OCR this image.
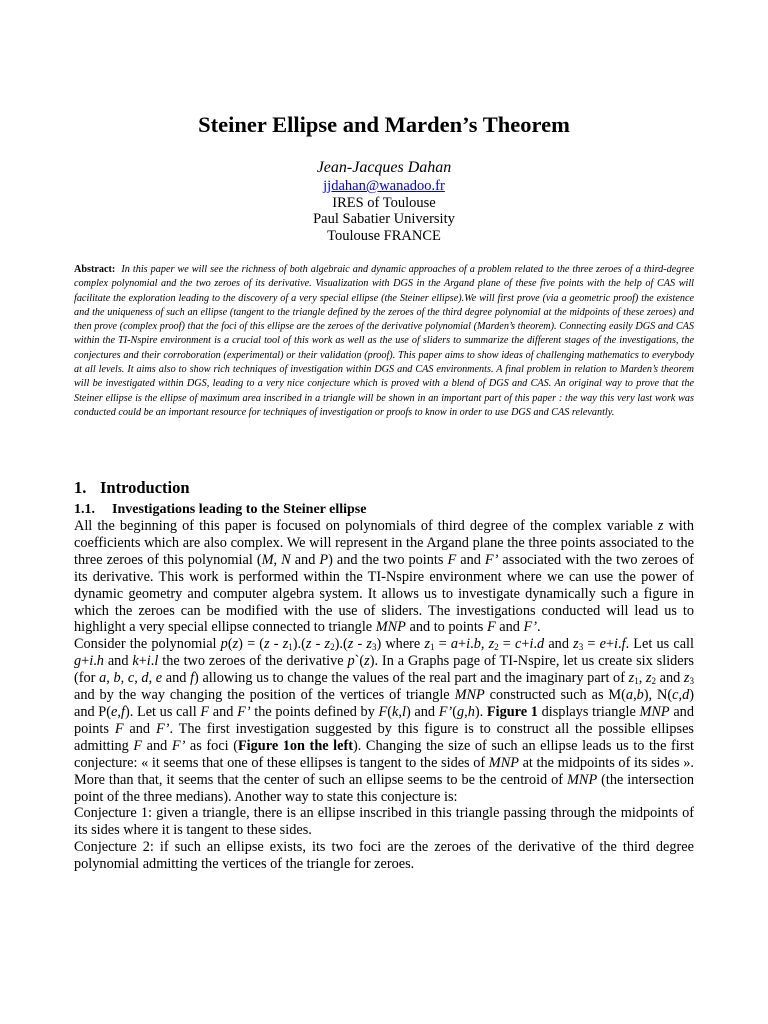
Steiner Ellipse and Marden’s Theorem
Jean-Jacques Dahan
jjdahan@wanadoo.fr
IRES of Toulouse
Paul Sabatier University
Toulouse FRANCE
Abstract: In this paper we will see the richness of both algebraic and dynamic approaches of a problem related to the three zeroes of a third-degree complex polynomial and the two zeroes of its derivative. Visualization with DGS in the Argand plane of these five points with the help of CAS will facilitate the exploration leading to the discovery of a very special ellipse (the Steiner ellipse).We will first prove (via a geometric proof) the existence and the uniqueness of such an ellipse (tangent to the triangle defined by the zeroes of the third degree polynomial at the midpoints of these zeroes) and then prove (complex proof) that the foci of this ellipse are the zeroes of the derivative polynomial (Marden’s theorem). Connecting easily DGS and CAS within the TI-Nspire environment is a crucial tool of this work as well as the use of sliders to summarize the different stages of the investigations, the conjectures and their corroboration (experimental) or their validation (proof). This paper aims to show ideas of challenging mathematics to everybody at all levels. It aims also to show rich techniques of investigation within DGS and CAS environments. A final problem in relation to Marden’s theorem will be investigated within DGS, leading to a very nice conjecture which is proved with a blend of DGS and CAS. An original way to prove that the Steiner ellipse is the ellipse of maximum area inscribed in a triangle will be shown in an important part of this paper : the way this very last work was conducted could be an important resource for techniques of investigation or proofs to know in order to use DGS and CAS relevantly.
1. Introduction
1.1. Investigations leading to the Steiner ellipse

All the beginning of this paper is focused on polynomials of third degree of the complex variable z with coefficients which are also complex. We will represent in the Argand plane the three points associated to the three zeroes of this polynomial (M, N and P) and the two points F and F’ associated with the two zeroes of its derivative. This work is performed within the TI-Nspire environment where we can use the power of dynamic geometry and computer algebra system. It allows us to investigate dynamically such a figure in which the zeroes can be modified with the use of sliders. The investigations conducted will lead us to highlight a very special ellipse connected to triangle MNP and to points F and F’.

Consider the polynomial $p(z) = (z - z_1).(z - z_2).(z - z_3)$ where $z_1 = a+i.b$, $z_2 = c+i.d$ and $z_3 = e+i.f$. Let us call g+i.h and k+i.l the two zeroes of the derivative p`(z). In a Graphs page of TI-Nspire, let us create six sliders (for a, b, c, d, e and f) allowing us to change the values of the real part and the imaginary part of $z_1$, $z_2$ and $z_3$ and by the way changing the position of the vertices of triangle MNP constructed such as M(a,b), N(c,d) and P(e,f). Let us call F and F’ the points defined by F(k,l) and F’(g,h). Figure 1 displays triangle MNP and points F and F’. The first investigation suggested by this figure is to construct all the possible ellipses admitting F and F’ as foci (Figure 1on the left). Changing the size of such an ellipse leads us to the first conjecture: « it seems that one of these ellipses is tangent to the sides of MNP at the midpoints of its sides ». More than that, it seems that the center of such an ellipse seems to be the centroid of MNP (the intersection point of the three medians). Another way to state this conjecture is:

Conjecture 1: given a triangle, there is an ellipse inscribed in this triangle passing through the midpoints of its sides where it is tangent to these sides.

Conjecture 2: if such an ellipse exists, its two foci are the zeroes of the derivative of the third degree polynomial admitting the vertices of the triangle for zeroes.
